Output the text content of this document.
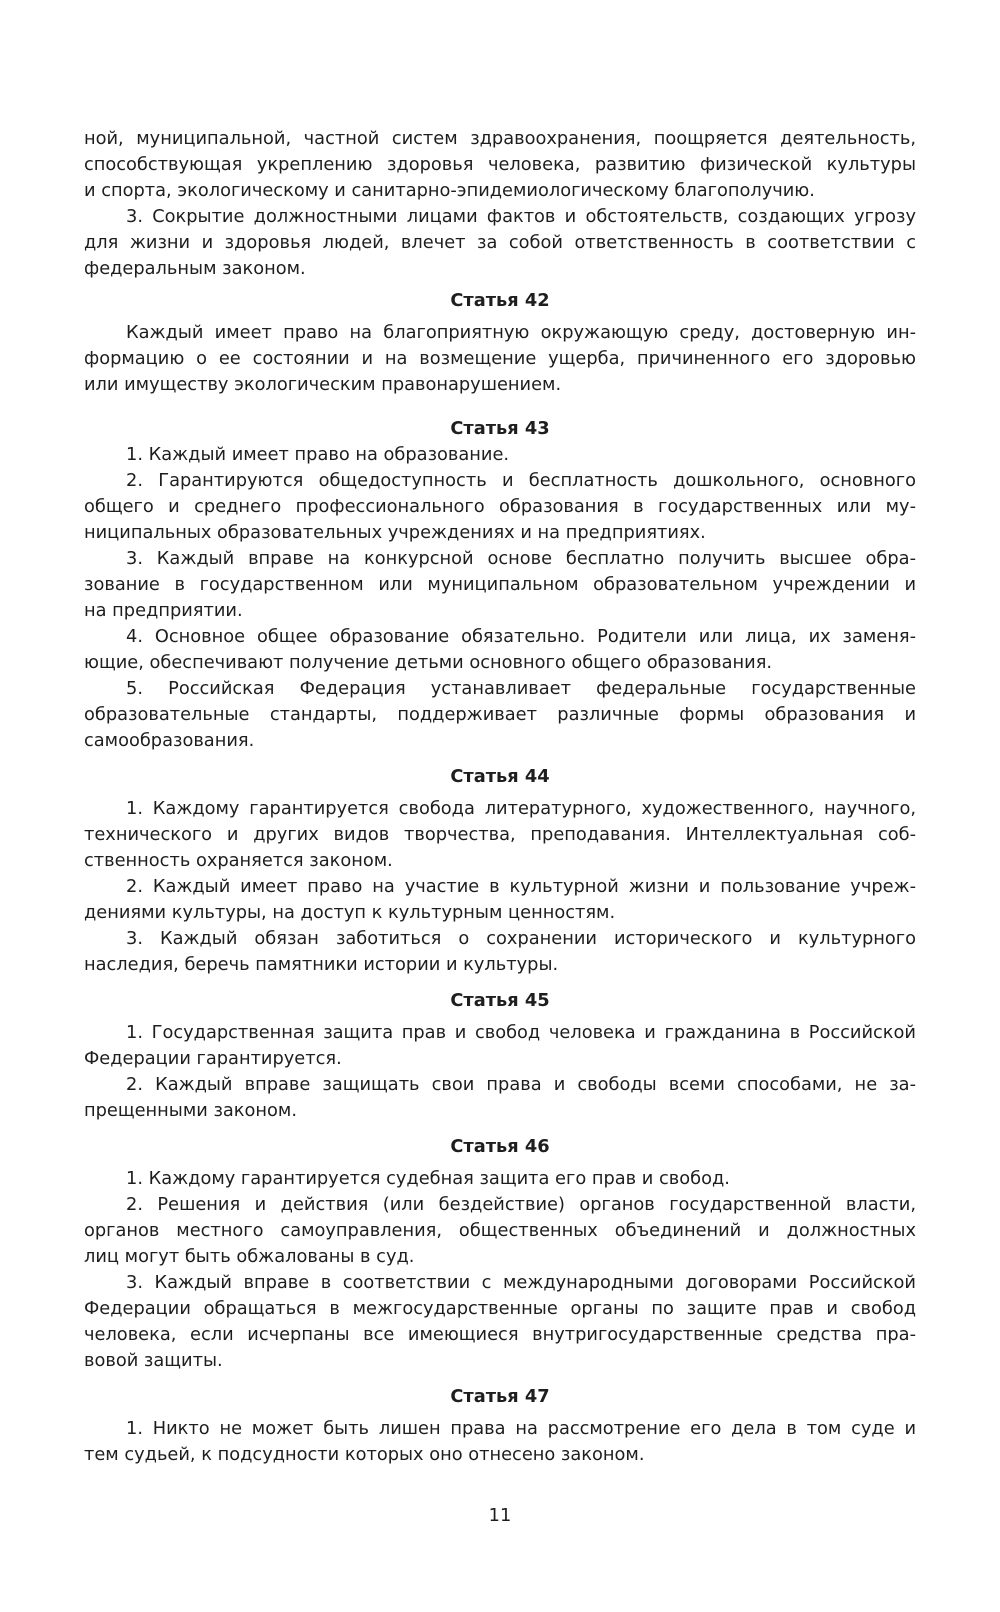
ной, муниципальной, частной систем здравоохранения, поощряется деятельность,
способствующая укреплению здоровья человека, развитию физической культуры
и спорта, экологическому и санитарно-эпидемиологическому благополучию.
3. Сокрытие должностными лицами фактов и обстоятельств, создающих угрозу
для жизни и здоровья людей, влечет за собой ответственность в соответствии с
федеральным законом.
Статья 42
Каждый имеет право на благоприятную окружающую среду, достоверную ин-
формацию о ее состоянии и на возмещение ущерба, причиненного его здоровью
или имуществу экологическим правонарушением.
Статья 43
1. Каждый имеет право на образование.
2. Гарантируются общедоступность и бесплатность дошкольного, основного
общего и среднего профессионального образования в государственных или му-
ниципальных образовательных учреждениях и на предприятиях.
3. Каждый вправе на конкурсной основе бесплатно получить высшее обра-
зование в государственном или муниципальном образовательном учреждении и
на предприятии.
4. Основное общее образование обязательно. Родители или лица, их заменя-
ющие, обеспечивают получение детьми основного общего образования.
5. Российская Федерация устанавливает федеральные государственные
образовательные стандарты, поддерживает различные формы образования и
самообразования.
Статья 44
1. Каждому гарантируется свобода литературного, художественного, научного,
технического и других видов творчества, преподавания. Интеллектуальная соб-
ственность охраняется законом.
2. Каждый имеет право на участие в культурной жизни и пользование учреж-
дениями культуры, на доступ к культурным ценностям.
3. Каждый обязан заботиться о сохранении исторического и культурного
наследия, беречь памятники истории и культуры.
Статья 45
1. Государственная защита прав и свобод человека и гражданина в Российской
Федерации гарантируется.
2. Каждый вправе защищать свои права и свободы всеми способами, не за-
прещенными законом.
Статья 46
1. Каждому гарантируется судебная защита его прав и свобод.
2. Решения и действия (или бездействие) органов государственной власти,
органов местного самоуправления, общественных объединений и должностных
лиц могут быть обжалованы в суд.
3. Каждый вправе в соответствии с международными договорами Российской
Федерации обращаться в межгосударственные органы по защите прав и свобод
человека, если исчерпаны все имеющиеся внутригосударственные средства пра-
вовой защиты.
Статья 47
1. Никто не может быть лишен права на рассмотрение его дела в том суде и
тем судьей, к подсудности которых оно отнесено законом.
11
